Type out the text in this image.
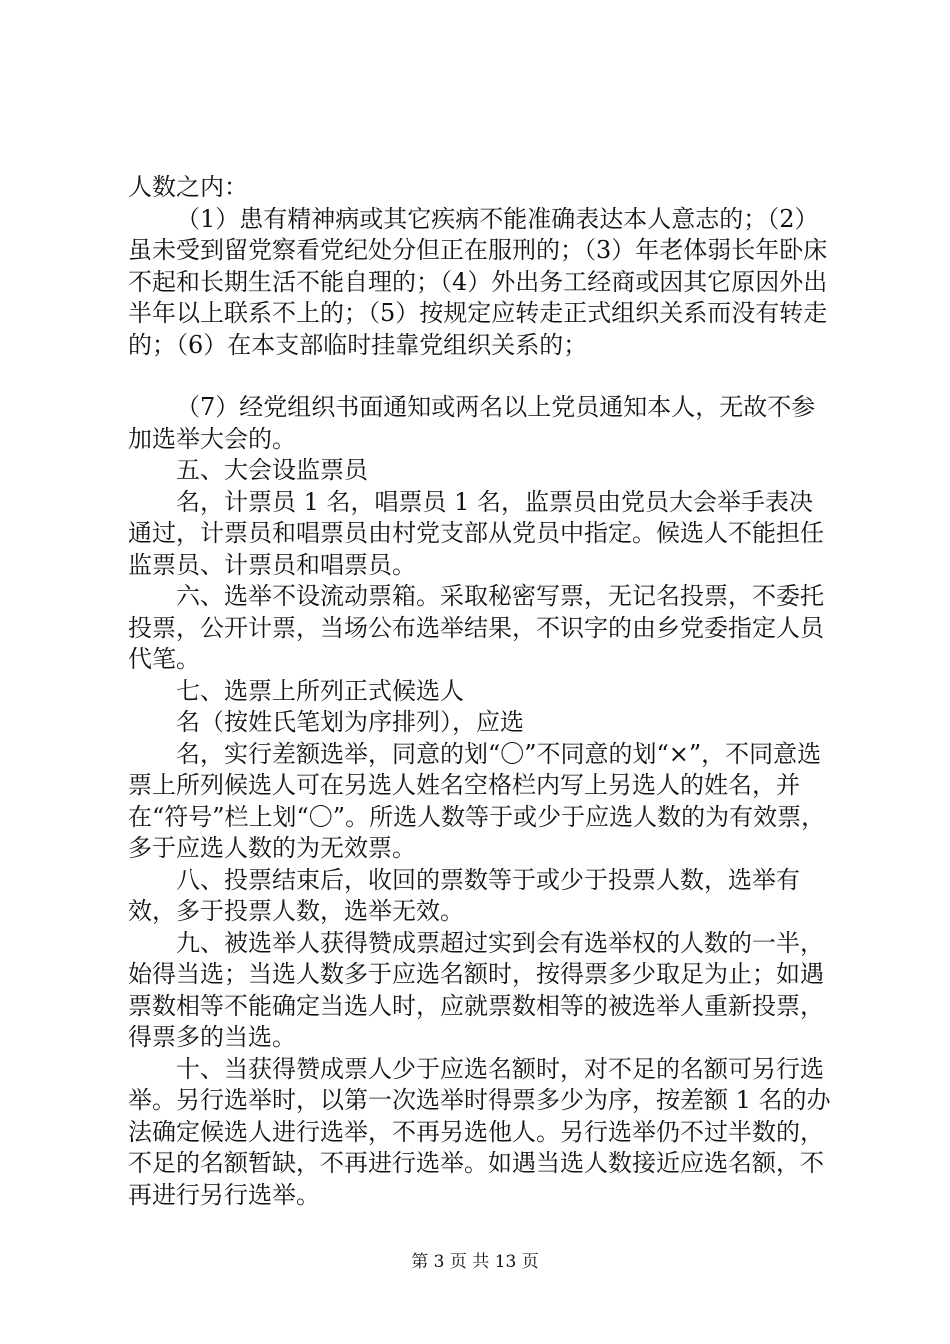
人数之内：

（1）患有精神病或其它疾病不能准确表达本人意志的；（2）虽未受到留党察看党纪处分但正在服刑的；（3）年老体弱长年卧床不起和长期生活不能自理的；（4）外出务工经商或因其它原因外出半年以上联系不上的；（5）按规定应转走正式组织关系而没有转走的；（6）在本支部临时挂靠党组织关系的；

（7）经党组织书面通知或两名以上党员通知本人，无故不参加选举大会的。

五、大会设监票员

名，计票员 1 名，唱票员 1 名，监票员由党员大会举手表决通过，计票员和唱票员由村党支部从党员中指定。候选人不能担任监票员、计票员和唱票员。

六、选举不设流动票箱。采取秘密写票，无记名投票，不委托投票，公开计票，当场公布选举结果，不识字的由乡党委指定人员代笔。

七、选票上所列正式候选人

名（按姓氏笔划为序排列），应选

名，实行差额选举，同意的划“〇”不同意的划“×”，不同意选票上所列候选人可在另选人姓名空格栏内写上另选人的姓名，并在“符号”栏上划“〇”。所选人数等于或少于应选人数的为有效票，多于应选人数的为无效票。

八、投票结束后，收回的票数等于或少于投票人数，选举有效，多于投票人数，选举无效。

九、被选举人获得赞成票超过实到会有选举权的人数的一半，始得当选；当选人数多于应选名额时，按得票多少取足为止；如遇票数相等不能确定当选人时，应就票数相等的被选举人重新投票，得票多的当选。

十、当获得赞成票人少于应选名额时，对不足的名额可另行选举。另行选举时，以第一次选举时得票多少为序，按差额 1 名的办法确定候选人进行选举，不再另选他人。另行选举仍不过半数的，不足的名额暂缺，不再进行选举。如遇当选人数接近应选名额，不再进行另行选举。

第 3 页 共 13 页
